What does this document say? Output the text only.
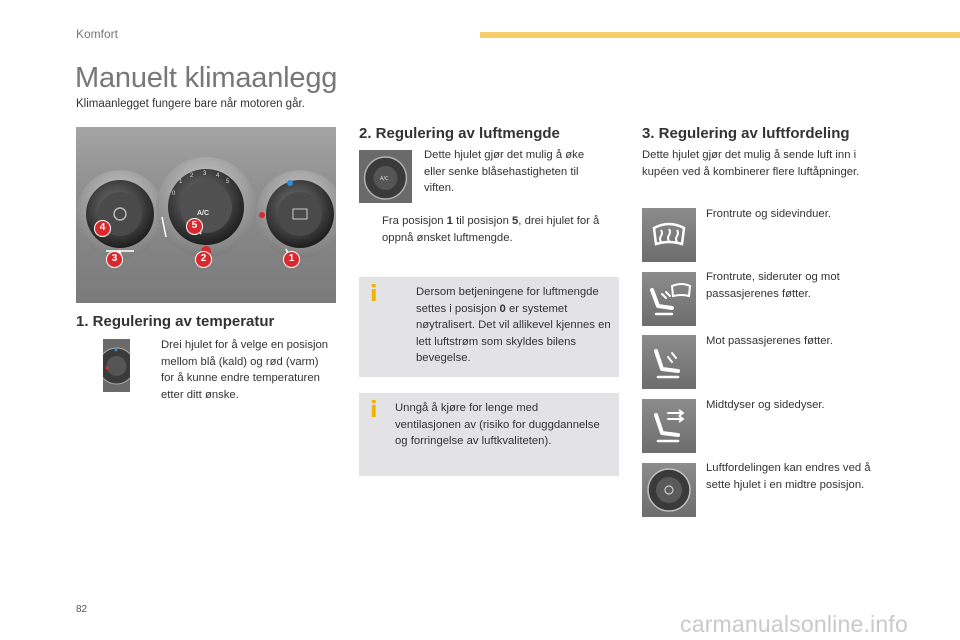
Komfort
Manuelt klimaanlegg
Klimaanlegget fungere bare når motoren går.
0
1
2 3 4
5
A/C
4
3
5
2	1
1. Regulering av temperatur
Drei hjulet for å velge en posisjon mellom blå (kald) og rød (varm) for å kunne endre temperaturen etter ditt ønske.
2. Regulering av luftmengde
A/C
Dette hjulet gjør det mulig å øke eller senke blåsehastigheten til viften.
Fra posisjon 1 til posisjon 5, drei hjulet for å oppnå ønsket luftmengde.
i	Dersom betjeningene for luftmengde settes i posisjon 0 er systemet nøytralisert. Det vil allikevel kjennes en lett luftstrøm som skyldes bilens bevegelse.
i Unngå å kjøre for lenge med ventilasjonen av (risiko for duggdannelse og forringelse av luftkvaliteten).
3. Regulering av luftfordeling
Dette hjulet gjør det mulig å sende luft inn i kupéen ved å kombinerer flere luftåpninger.
Frontrute og sidevinduer.
Frontrute, sideruter og mot passasjerenes føtter.
Mot passasjerenes føtter.
Midtdyser og sidedyser.
Luftfordelingen kan endres ved å sette hjulet i en midtre posisjon.
82
carmanualsonline.info
